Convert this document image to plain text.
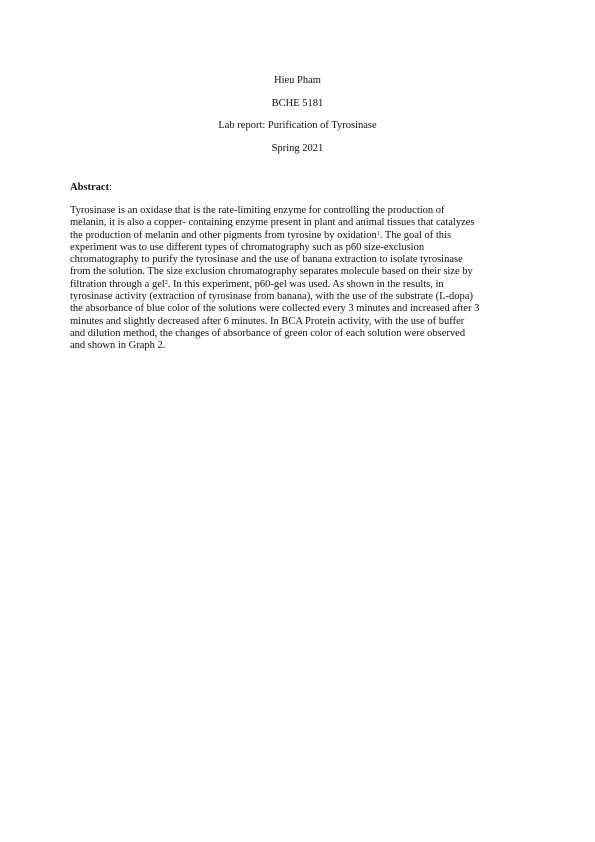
Hieu Pham
BCHE 5181
Lab report: Purification of Tyrosinase
Spring 2021
Abstract:
Tyrosinase is an oxidase that is the rate-limiting enzyme for controlling the production of
melanin, it is also a copper- containing enzyme present in plant and animal tissues that catalyzes
the production of melanin and other pigments from tyrosine by oxidation$^1$. The goal of this
experiment was to use different types of chromatography such as p60 size-exclusion
chromatography to purify the tyrosinase and the use of banana extraction to isolate tyrosinase
from the solution. The size exclusion chromatography separates molecule based on their size by
filtration through a gel$^2$. In this experiment, p60-gel was used. As shown in the results, in
tyrosinase activity (extraction of tyrosinase from banana), with the use of the substrate (L-dopa)
the absorbance of blue color of the solutions were collected every 3 minutes and increased after 3
minutes and slightly decreased after 6 minutes. In BCA Protein activity, with the use of buffer
and dilution method, the changes of absorbance of green color of each solution were observed
and shown in Graph 2.
